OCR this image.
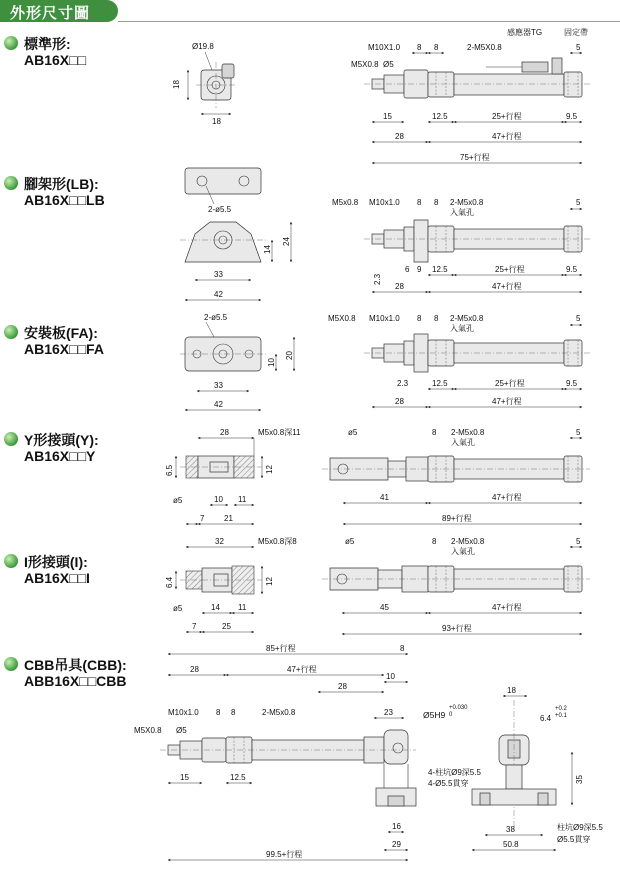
外形尺寸圖
標準形:
AB16X□□
腳架形(LB):
AB16X□□LB
安裝板(FA):
AB16X□□FA
Y形接頭(Y):
AB16X□□Y
I形接頭(I):
AB16X□□I
CBB吊具(CBB):
ABB16X□□CBB
18
18
Ø19.8
M5X0.8
M10X1.0
Ø5
8 8	2-M5X0.8
感應器TG	固定帶
5
15	12.5	25+行程	9.5
28	47+行程
75+行程
2-ø5.5
14
24
33
42
M5x0.8 M10x1.0 8 8 2-M5x0.8
入氣孔
5
6 9 12.5	25+行程	9.5
2.3
28	47+行程
2-ø5.5
10
20
33
42
M5X0.8 M10x1.0 8 8 2-M5x0.8
入氣孔
5
2.3	12.5	25+行程	9.5
28	47+行程
28	M5x0.8深11
6.5	12
ø5	10 11
7 21
ø5	8 2-M5x0.8
入氣孔
5
41	47+行程
89+行程
32	M5x0.8深8
6.4	12
ø5	14 11
7	25
ø5	8 2-M5x0.8
入氣孔
5
45	47+行程
93+行程
85+行程	8
28	47+行程
28
10
M10x1.0 8 8	2-M5x0.8	23	Ø5H9
+0.030
0
M5X0.8 Ø5
15	12.5
4-柱坑Ø9深5.5
4-Ø5.5貫穿
16
29
99.5+行程
18
6.4
+0.2
+0.1
35
38
50.8
柱坑Ø9深5.5
Ø5.5貫穿
